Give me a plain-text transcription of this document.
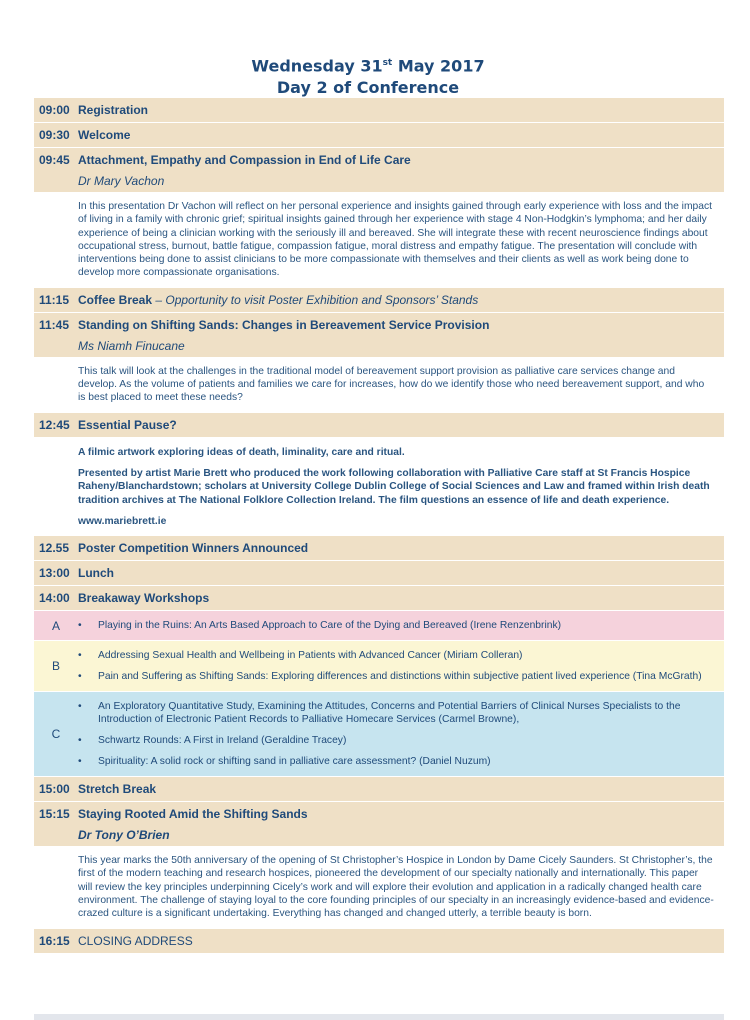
Wednesday 31st May 2017
Day 2 of Conference
09:00 Registration
09:30 Welcome
09:45 Attachment, Empathy and Compassion in End of Life Care
Dr Mary Vachon
In this presentation Dr Vachon will reflect on her personal experience and insights gained through early experience with loss and the impact of living in a family with chronic grief; spiritual insights gained through her experience with stage 4 Non-Hodgkin’s lymphoma; and her daily experience of being a clinician working with the seriously ill and bereaved. She will integrate these with recent neuroscience findings about occupational stress, burnout, battle fatigue, compassion fatigue, moral distress and empathy fatigue. The presentation will conclude with interventions being done to assist clinicians to be more compassionate with themselves and their clients as well as work being done to develop more compassionate organisations.
11:15 Coffee Break – Opportunity to visit Poster Exhibition and Sponsors’ Stands
11:45 Standing on Shifting Sands: Changes in Bereavement Service Provision
Ms Niamh Finucane
This talk will look at the challenges in the traditional model of bereavement support provision as palliative care services change and develop. As the volume of patients and families we care for increases, how do we identify those who need bereavement support, and who is best placed to meet these needs?
12:45 Essential Pause?

A filmic artwork exploring ideas of death, liminality, care and ritual.

Presented by artist Marie Brett who produced the work following collaboration with Palliative Care staff at St Francis Hospice Raheny/Blanchardstown; scholars at University College Dublin College of Social Sciences and Law and framed within Irish death tradition archives at The National Folklore Collection Ireland. The film questions an essence of life and death experience.

www.mariebrett.ie

12.55 Poster Competition Winners Announced
13:00 Lunch
14:00 Breakaway Workshops
A	•	Playing in the Ruins: An Arts Based Approach to Care of the Dying and Bereaved (Irene Renzenbrink)
B
•	Addressing Sexual Health and Wellbeing in Patients with Advanced Cancer (Miriam Colleran)
•	Pain and Suffering as Shifting Sands: Exploring differences and distinctions within subjective patient lived experience (Tina McGrath)
C
•	An Exploratory Quantitative Study, Examining the Attitudes, Concerns and Potential Barriers of Clinical Nurses Specialists to the Introduction of Electronic Patient Records to Palliative Homecare Services (Carmel Browne),
•	Schwartz Rounds: A First in Ireland (Geraldine Tracey)
•	Spirituality: A solid rock or shifting sand in palliative care assessment? (Daniel Nuzum)
15:00 Stretch Break
15:15 Staying Rooted Amid the Shifting Sands
Dr Tony O’Brien
This year marks the 50th anniversary of the opening of St Christopher’s Hospice in London by Dame Cicely Saunders. St Christopher’s, the first of the modern teaching and research hospices, pioneered the development of our specialty nationally and internationally. This paper will review the key principles underpinning Cicely’s work and will explore their evolution and application in a radically changed health care environment. The challenge of staying loyal to the core founding principles of our specialty in an increasingly evidence-based and evidence-crazed culture is a significant undertaking. Everything has changed and changed utterly, a terrible beauty is born.
16:15 CLOSING ADDRESS
